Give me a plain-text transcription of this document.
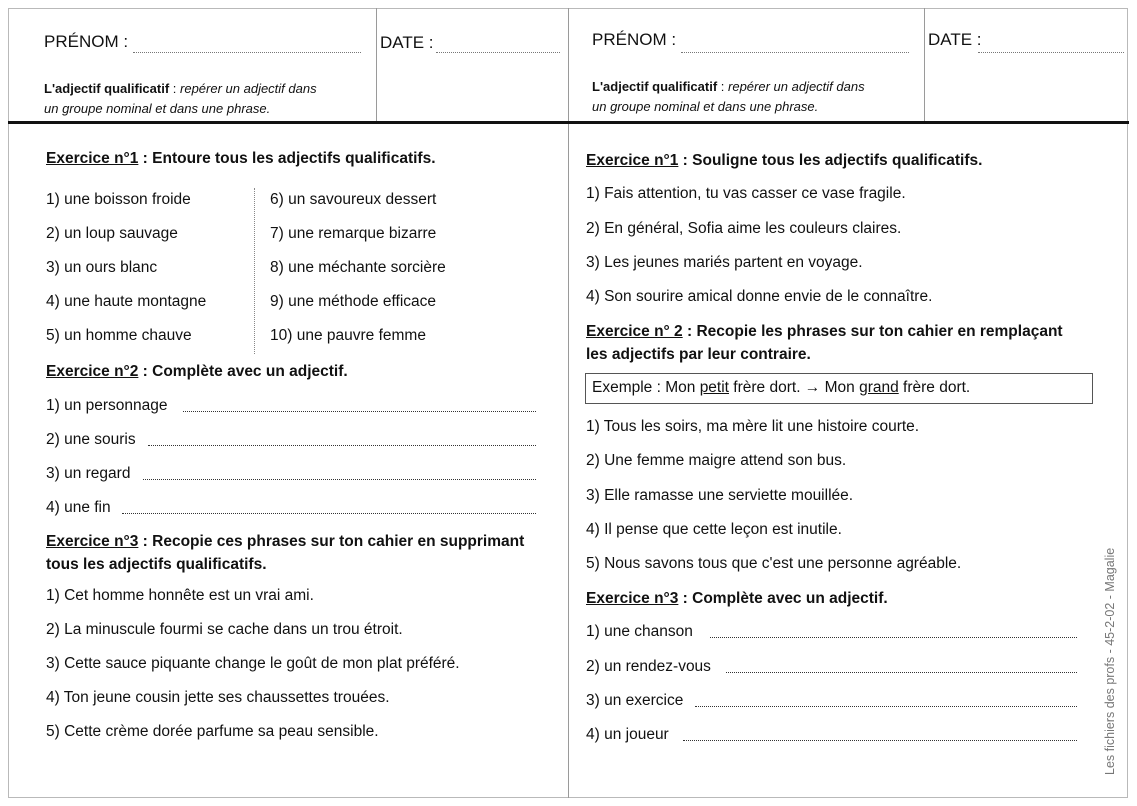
PRÉNOM :	DATE :
L'adjectif qualificatif : repérer un adjectif dans
un groupe nominal et dans une phrase.
PRÉNOM :	DATE :
L'adjectif qualificatif : repérer un adjectif dans
un groupe nominal et dans une phrase.
Exercice n°1 : Entoure tous les adjectifs qualificatifs.
1) une boisson froide
2) un loup sauvage
3) un ours blanc
4) une haute montagne
5) un homme chauve
6) un savoureux dessert
7) une remarque bizarre
8) une méchante sorcière
9) une méthode efficace
10) une pauvre femme
Exercice n°2 : Complète avec un adjectif.
1) un personnage
2) une souris
3) un regard
4) une fin
Exercice n°3 : Recopie ces phrases sur ton cahier en supprimant
tous les adjectifs qualificatifs.
1) Cet homme honnête est un vrai ami.
2) La minuscule fourmi se cache dans un trou étroit.
3) Cette sauce piquante change le goût de mon plat préféré.
4) Ton jeune cousin jette ses chaussettes trouées.
5) Cette crème dorée parfume sa peau sensible.
Exercice n°1 : Souligne tous les adjectifs qualificatifs.
1) Fais attention, tu vas casser ce vase fragile.
2) En général, Sofia aime les couleurs claires.
3) Les jeunes mariés partent en voyage.
4) Son sourire amical donne envie de le connaître.
Exercice n° 2 : Recopie les phrases sur ton cahier en remplaçant
les adjectifs par leur contraire.
Exemple : Mon petit frère dort. → Mon grand frère dort.
1) Tous les soirs, ma mère lit une histoire courte.
2) Une femme maigre attend son bus.
3) Elle ramasse une serviette mouillée.
4) Il pense que cette leçon est inutile.
5) Nous savons tous que c'est une personne agréable.
Exercice n°3 : Complète avec un adjectif.
1) une chanson
2) un rendez-vous
3) un exercice
4) un joueur	Les fichiers des profs - 45-2-02 - Magalie
